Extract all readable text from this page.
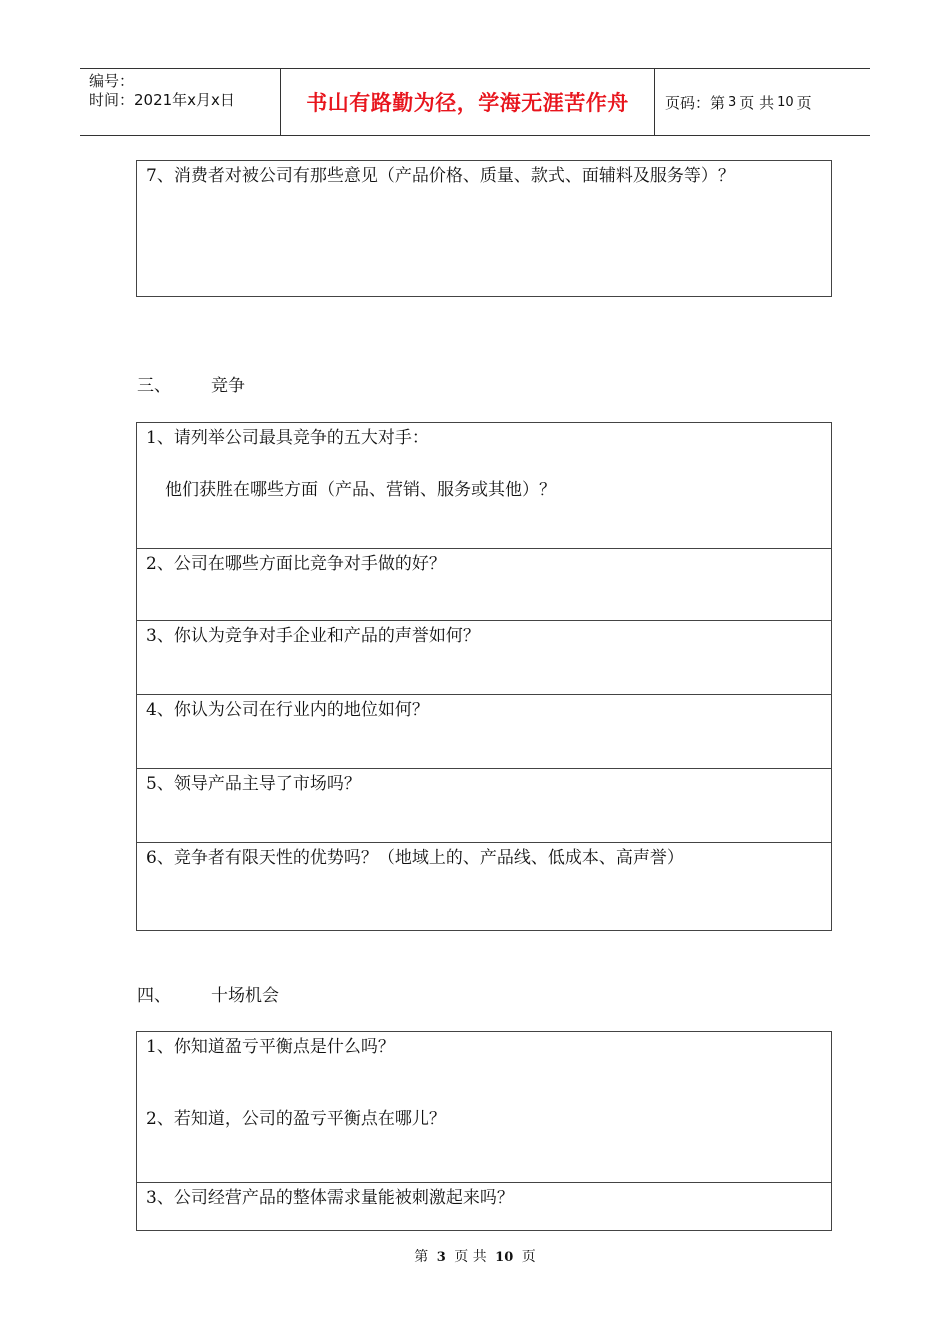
编号：
时间：2021年x月x日	书山有路勤为径，学海无涯苦作舟	页码：第 3 页 共 10 页
7、消费者对被公司有那些意见（产品价格、质量、款式、面辅料及服务等）？
三、 竞争
1、请列举公司最具竞争的五大对手：
他们获胜在哪些方面（产品、营销、服务或其他）？
2、公司在哪些方面比竞争对手做的好？
3、你认为竞争对手企业和产品的声誉如何？
4、你认为公司在行业内的地位如何？
5、领导产品主导了市场吗？
6、竞争者有限天性的优势吗？（地域上的、产品线、低成本、高声誉）
四、 十场机会
1、你知道盈亏平衡点是什么吗？
2、若知道，公司的盈亏平衡点在哪儿？
3、公司经营产品的整体需求量能被刺激起来吗？
第 3 页 共 10 页
